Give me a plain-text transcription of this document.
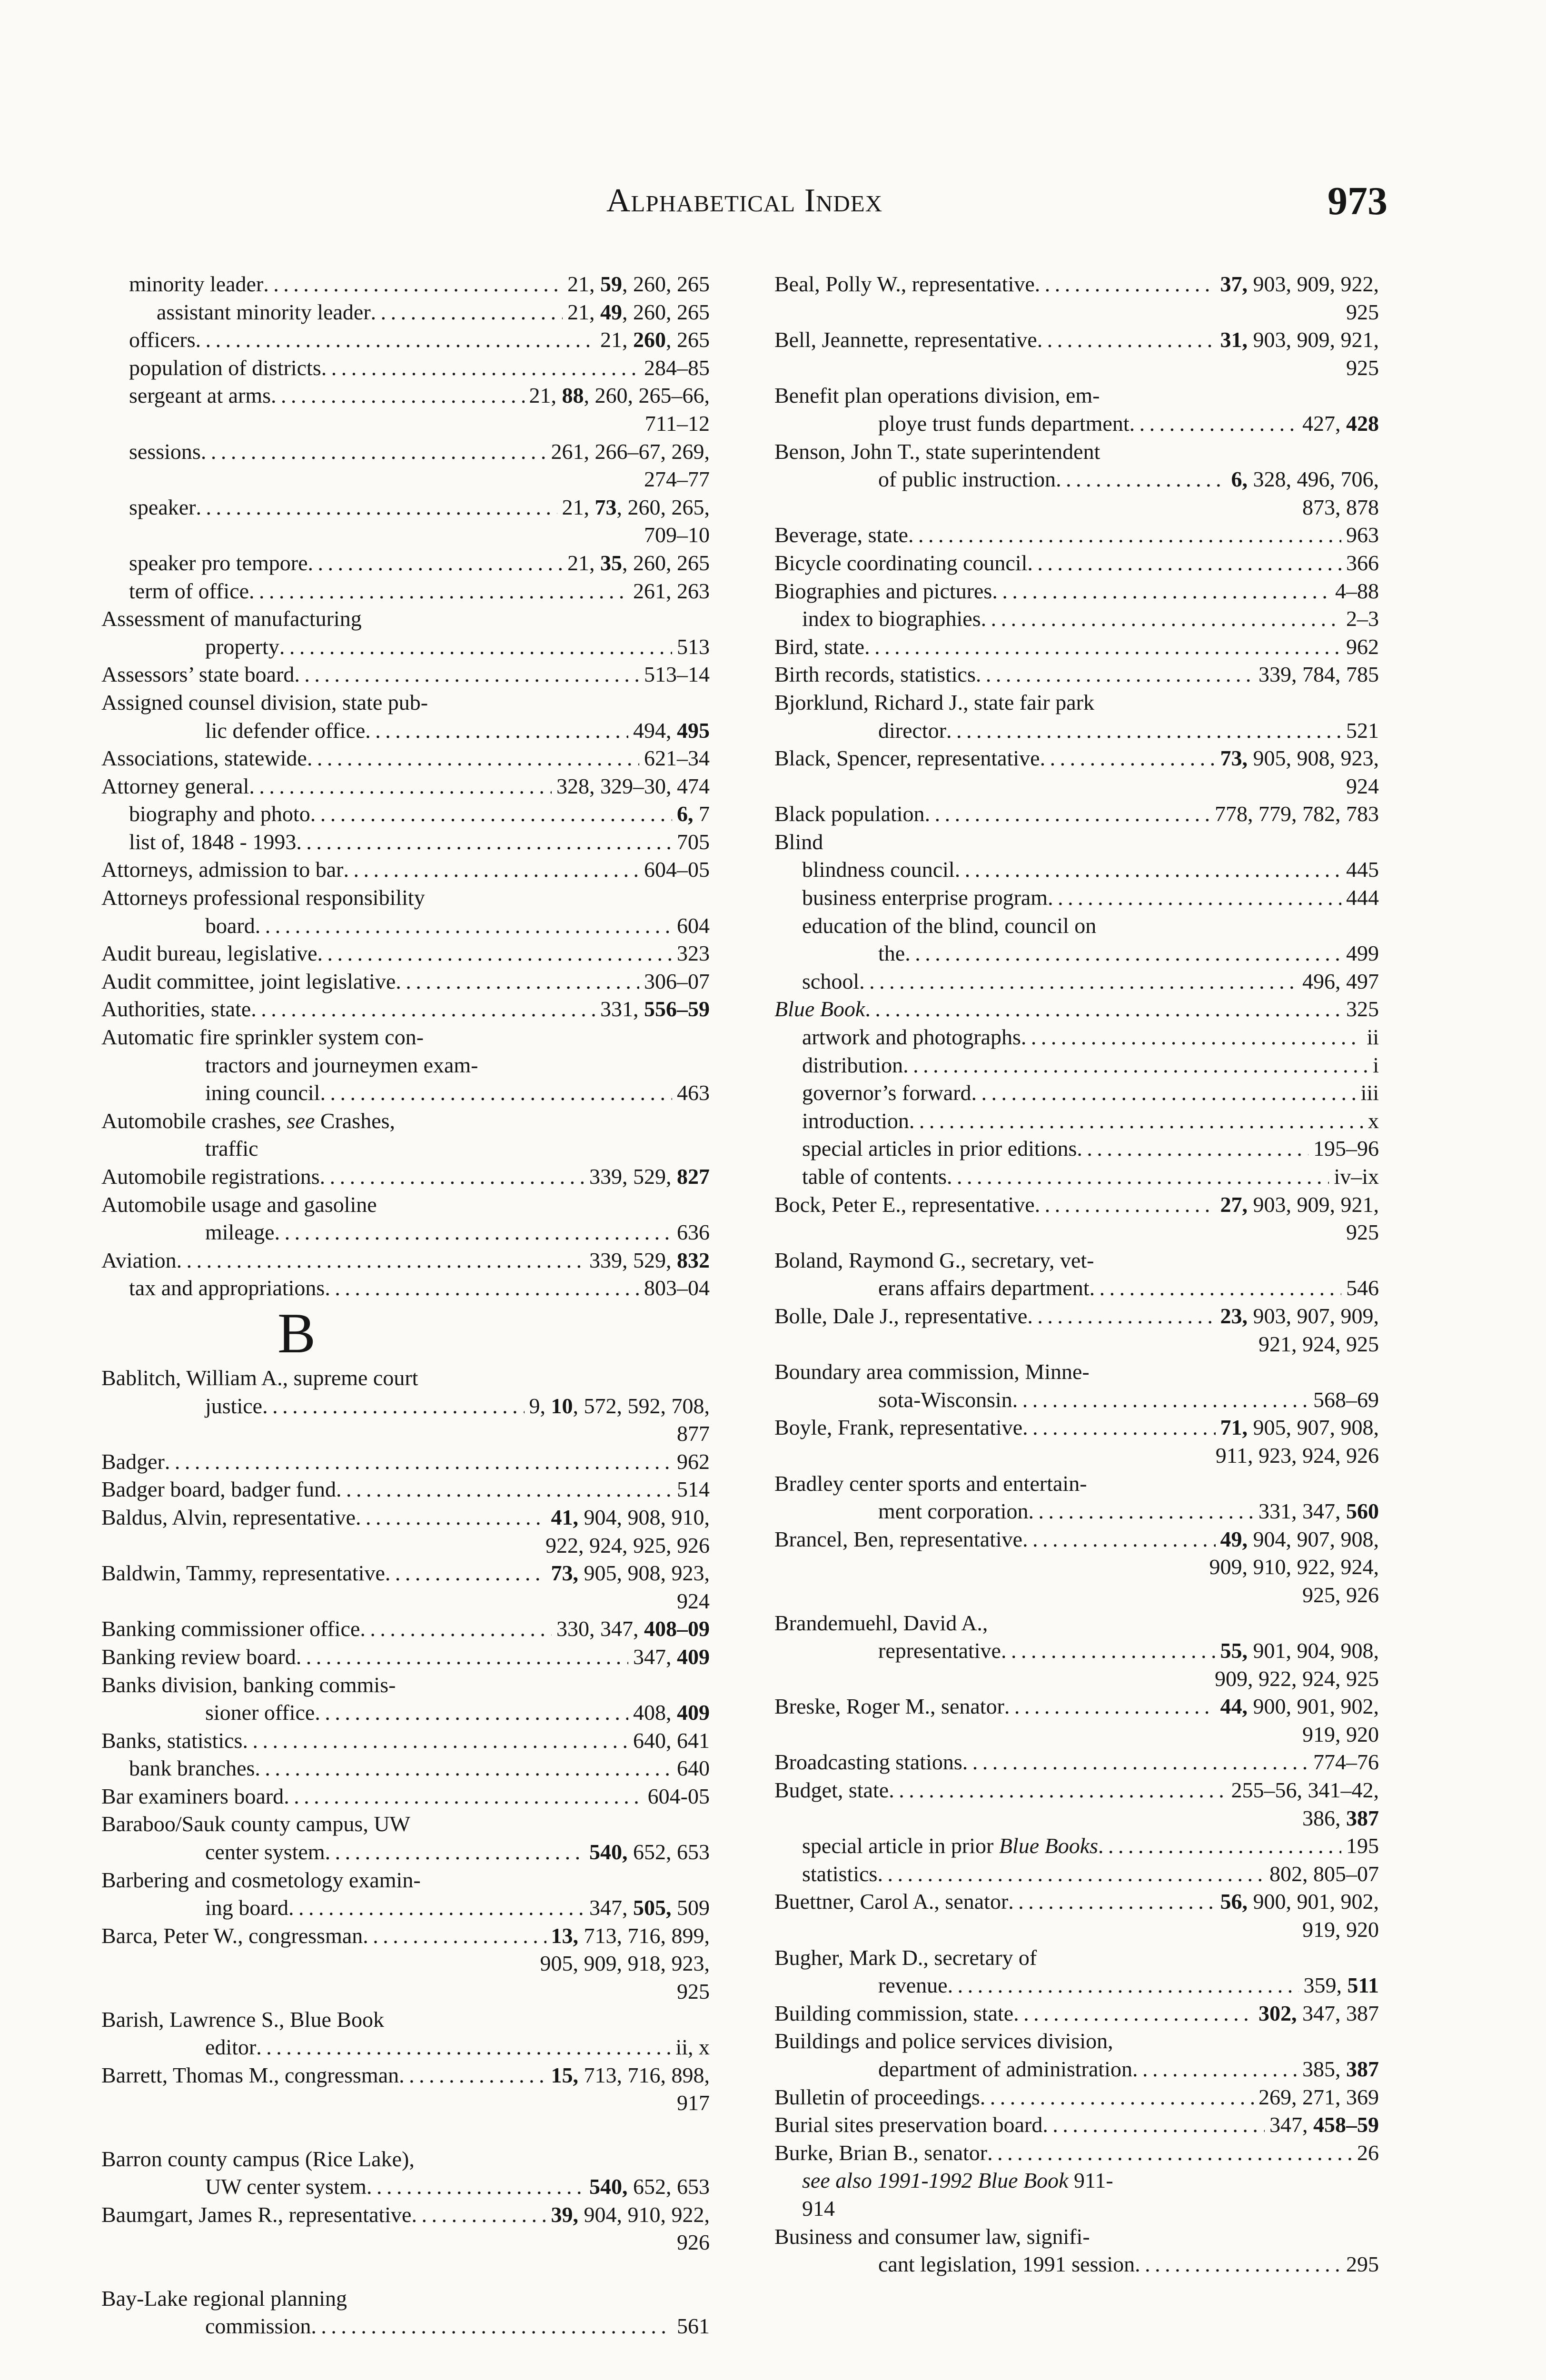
Alphabetical Index	973
minority leader . . .	21, 59, 260, 265
assistant minority leader . . .	21, 49, 260, 265
officers . . .	21, 260, 265
population of districts . . .	284–85
sergeant at arms . . .	21, 88, 260, 265–66,
711–12
sessions . . .	261, 266–67, 269,
274–77
speaker . . .	21, 73, 260, 265,
709–10
speaker pro tempore . . .	21, 35, 260, 265
term of office . . .	261, 263
Assessment of manufacturing
property . . .	513
Assessors’ state board . . .	513–14
Assigned counsel division, state pub-
lic defender office . . .	494, 495
Associations, statewide . . .	621–34
Attorney general . . .	328, 329–30, 474
biography and photo . . .	6, 7
list of, 1848 - 1993 . . .	705
Attorneys, admission to bar . . .	604–05
Attorneys professional responsibility
board . . .	604
Audit bureau, legislative . . .	323
Audit committee, joint legislative . . .	306–07
Authorities, state . . .	331, 556–59
Automatic fire sprinkler system con-
tractors and journeymen exam-
ining council . . .	463
Automobile crashes, see Crashes,
traffic
Automobile registrations . . .	339, 529, 827
Automobile usage and gasoline
mileage . . .	636
Aviation . . .	339, 529, 832
tax and appropriations . . .	803–04
B
Bablitch, William A., supreme court
justice . . .	9, 10, 572, 592, 708,
877
Badger . . .	962
Badger board, badger fund . . .	514
Baldus, Alvin, representative . . .	41, 904, 908, 910,
922, 924, 925, 926
Baldwin, Tammy, representative . . .	73, 905, 908, 923,
924
Banking commissioner office . . .	330, 347, 408–09
Banking review board . . .	347, 409
Banks division, banking commis-
sioner office . . .	408, 409
Banks, statistics . . .	640, 641
bank branches . . .	640
Bar examiners board . . .	604-05
Baraboo/Sauk county campus, UW
center system . . .	540, 652, 653
Barbering and cosmetology examin-
ing board . . .	347, 505, 509
Barca, Peter W., congressman . . .	13, 713, 716, 899,
905, 909, 918, 923,
925
Barish, Lawrence S., Blue Book
editor . . .	ii, x
Barrett, Thomas M., congressman . . .	15, 713, 716, 898,
917
Barron county campus (Rice Lake),
UW center system . . .	540, 652, 653
Baumgart, James R., representative . . .	39, 904, 910, 922,
926
Bay-Lake regional planning
commission . . .	561
Beal, Polly W., representative . . .	37, 903, 909, 922,
925
Bell, Jeannette, representative . . .	31, 903, 909, 921,
925
Benefit plan operations division, em-
ploye trust funds department . . .	427, 428
Benson, John T., state superintendent
of public instruction . . .	6, 328, 496, 706,
873, 878
Beverage, state . . .	963
Bicycle coordinating council . . .	366
Biographies and pictures . . .	4–88
index to biographies . . .	2–3
Bird, state . . .	962
Birth records, statistics . . .	339, 784, 785
Bjorklund, Richard J., state fair park
director . . .	521
Black, Spencer, representative . . .	73, 905, 908, 923,
924
Black population . . .	778, 779, 782, 783
Blind
blindness council . . .	445
business enterprise program . . .	444
education of the blind, council on
the . . .	499
school . . .	496, 497
Blue Book . . .	325
artwork and photographs . . .	ii
distribution . . .	i
governor’s forward . . .	iii
introduction . . .	x
special articles in prior editions . . .	195–96
table of contents . . .	iv–ix
Bock, Peter E., representative . . .	27, 903, 909, 921,
925
Boland, Raymond G., secretary, vet-
erans affairs department . . .	546
Bolle, Dale J., representative . . .	23, 903, 907, 909,
921, 924, 925
Boundary area commission, Minne-
sota-Wisconsin . . .	568–69
Boyle, Frank, representative . . .	71, 905, 907, 908,
911, 923, 924, 926
Bradley center sports and entertain-
ment corporation . . .	331, 347, 560
Brancel, Ben, representative . . .	49, 904, 907, 908,
909, 910, 922, 924,
925, 926
Brandemuehl, David A.,
representative . . .	55, 901, 904, 908,
909, 922, 924, 925
Breske, Roger M., senator . . .	44, 900, 901, 902,
919, 920
Broadcasting stations . . .	774–76
Budget, state . . .	255–56, 341–42,
386, 387
special article in prior Blue Books . . .	195
statistics . . .	802, 805–07
Buettner, Carol A., senator . . .	56, 900, 901, 902,
919, 920
Bugher, Mark D., secretary of
revenue . . .	359, 511
Building commission, state . . .	302, 347, 387
Buildings and police services division,
department of administration . . .	385, 387
Bulletin of proceedings . . .	269, 271, 369
Burial sites preservation board . . .	347, 458–59
Burke, Brian B., senator . . .	26
see also 1991-1992 Blue Book 911-
914
Business and consumer law, signifi-
cant legislation, 1991 session . . .	295
